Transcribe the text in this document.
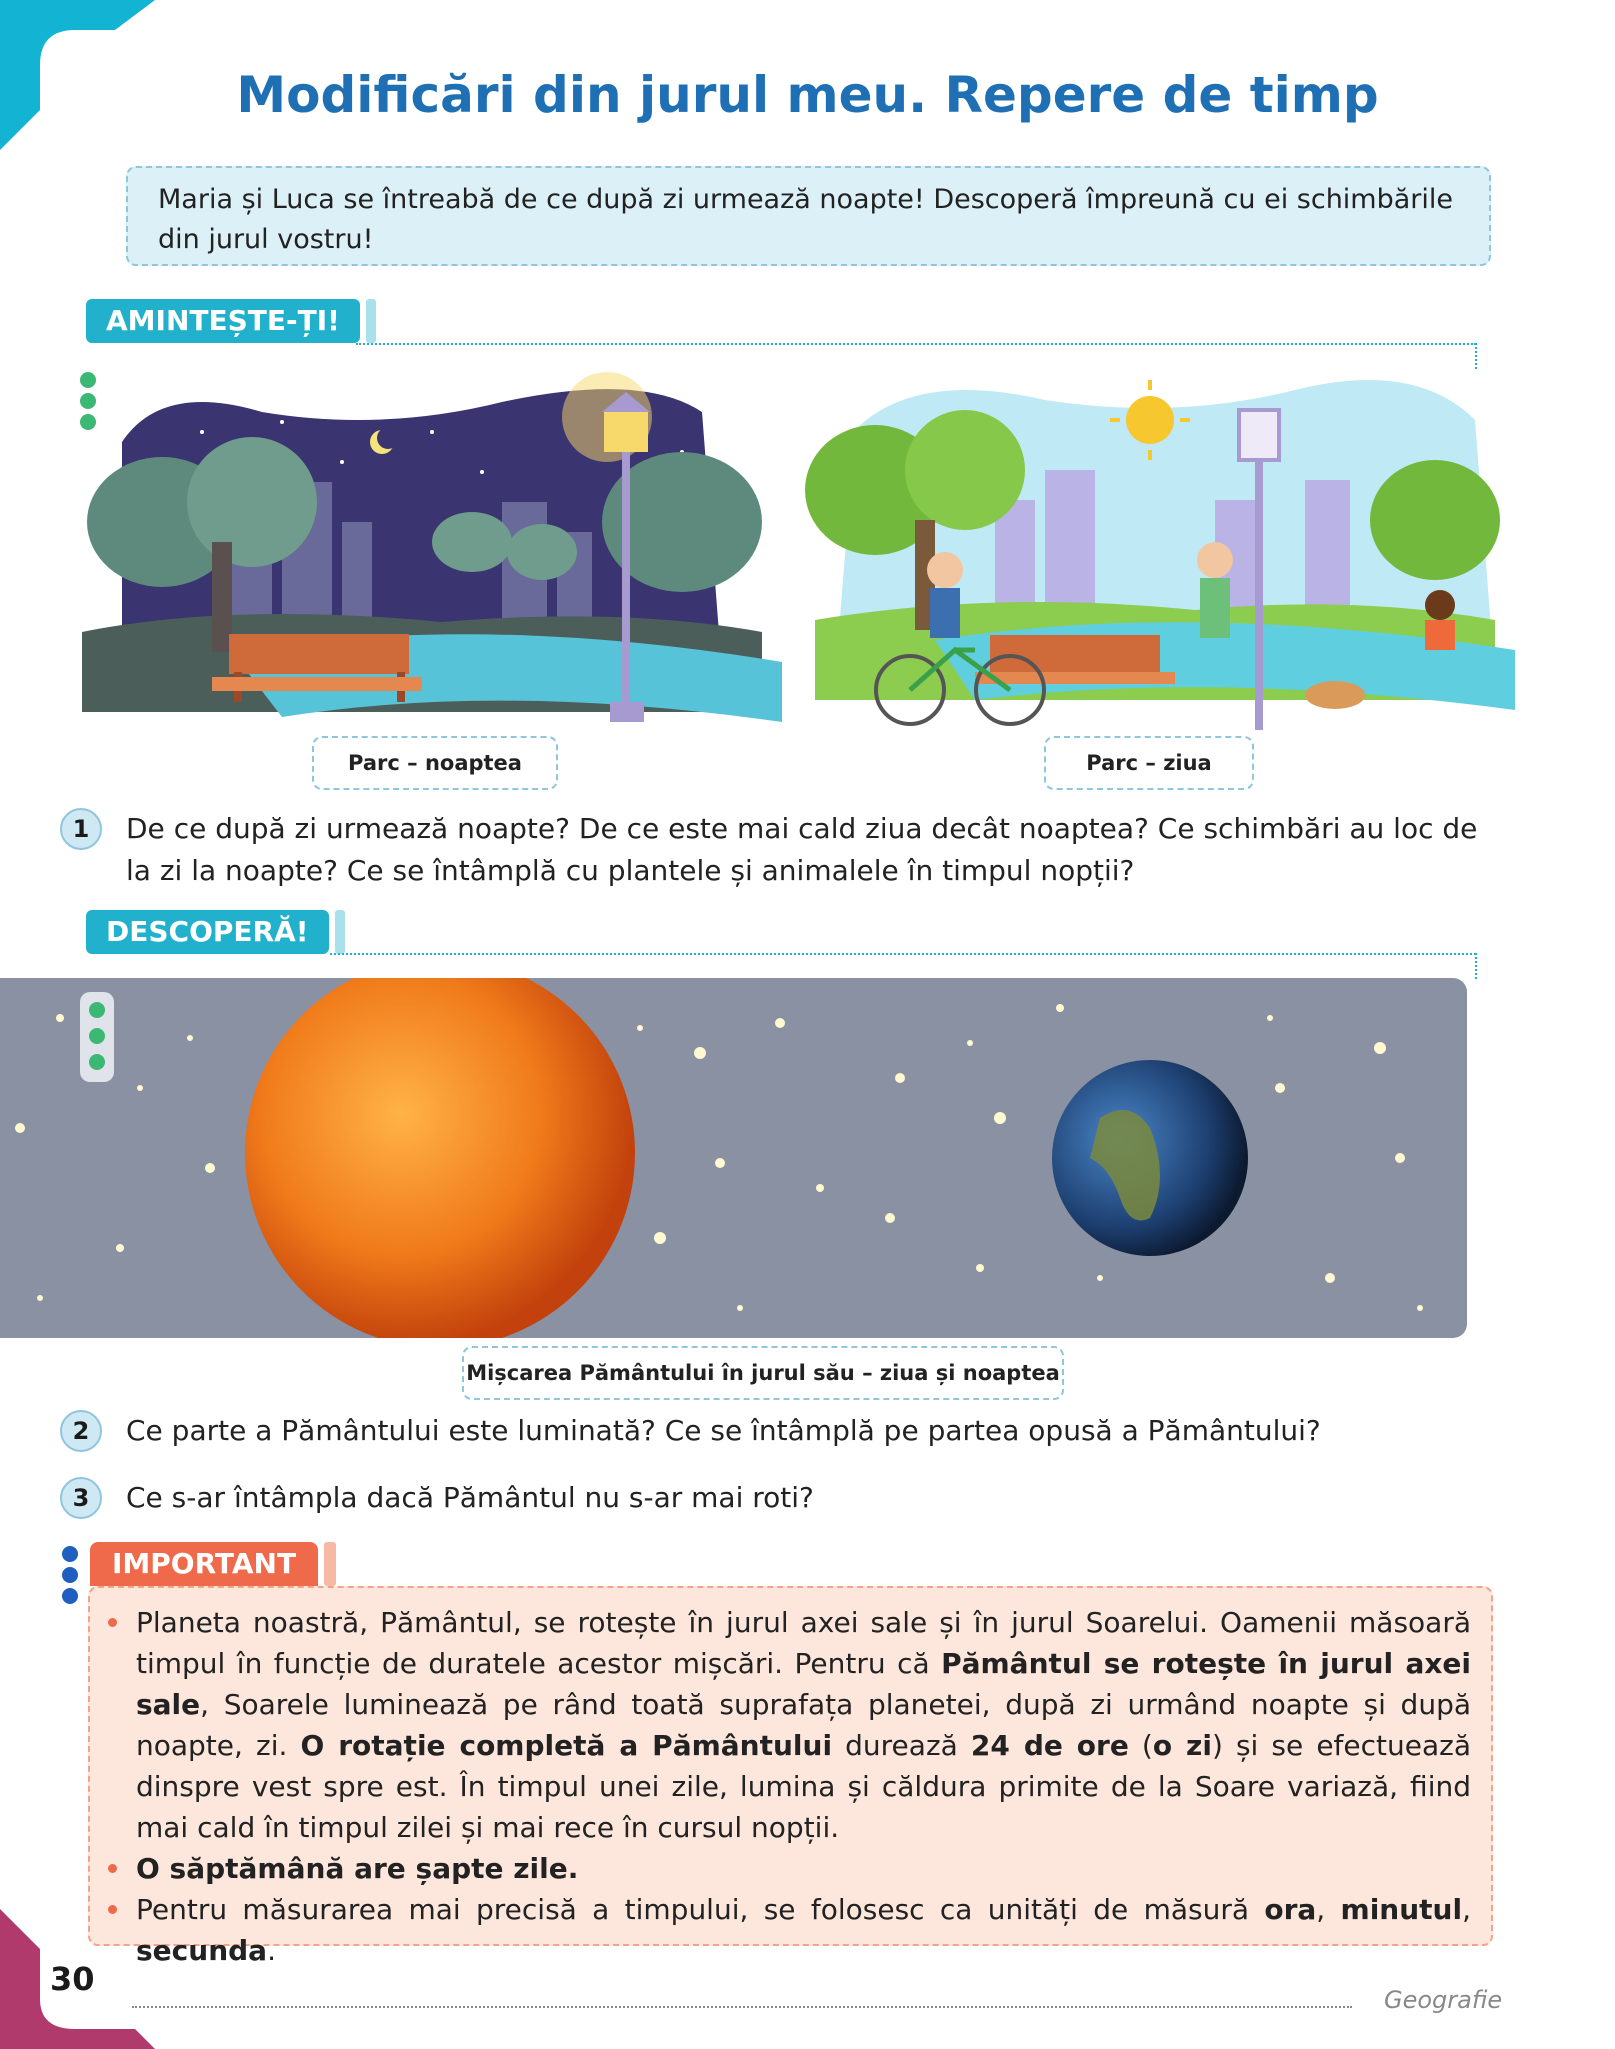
Modificări din jurul meu. Repere de timp
Maria și Luca se întreabă de ce după zi urmează noapte! Descoperă împreună cu ei schimbările din jurul vostru!
AMINTEȘTE-ȚI!
Parc – noaptea	Parc – ziua
1	De ce după zi urmează noapte? De ce este mai cald ziua decât noaptea? Ce schimbări au loc de la zi la noapte? Ce se întâmplă cu plantele și animalele în timpul nopții?
DESCOPERĂ!
Mișcarea Pământului în jurul său – ziua și noaptea
2	Ce parte a Pământului este luminată? Ce se întâmplă pe partea opusă a Pământului?
3	Ce s-ar întâmpla dacă Pământul nu s-ar mai roti?
IMPORTANT
Planeta noastră, Pământul, se rotește în jurul axei sale și în jurul Soarelui. Oamenii măsoară timpul în funcție de duratele acestor mișcări. Pentru că Pământul se rotește în jurul axei sale, Soarele luminează pe rând toată suprafața planetei, după zi urmând noapte și după noapte, zi. O rotație completă a Pământului durează 24 de ore (o zi) și se efectuează dinspre vest spre est. În timpul unei zile, lumina și căldura primite de la Soare variază, fiind mai cald în timpul zilei și mai rece în cursul nopții.
O săptămână are șapte zile.
Pentru măsurarea mai precisă a timpului, se folosesc ca unități de măsură ora, minutul, secunda.
30
Geografie
